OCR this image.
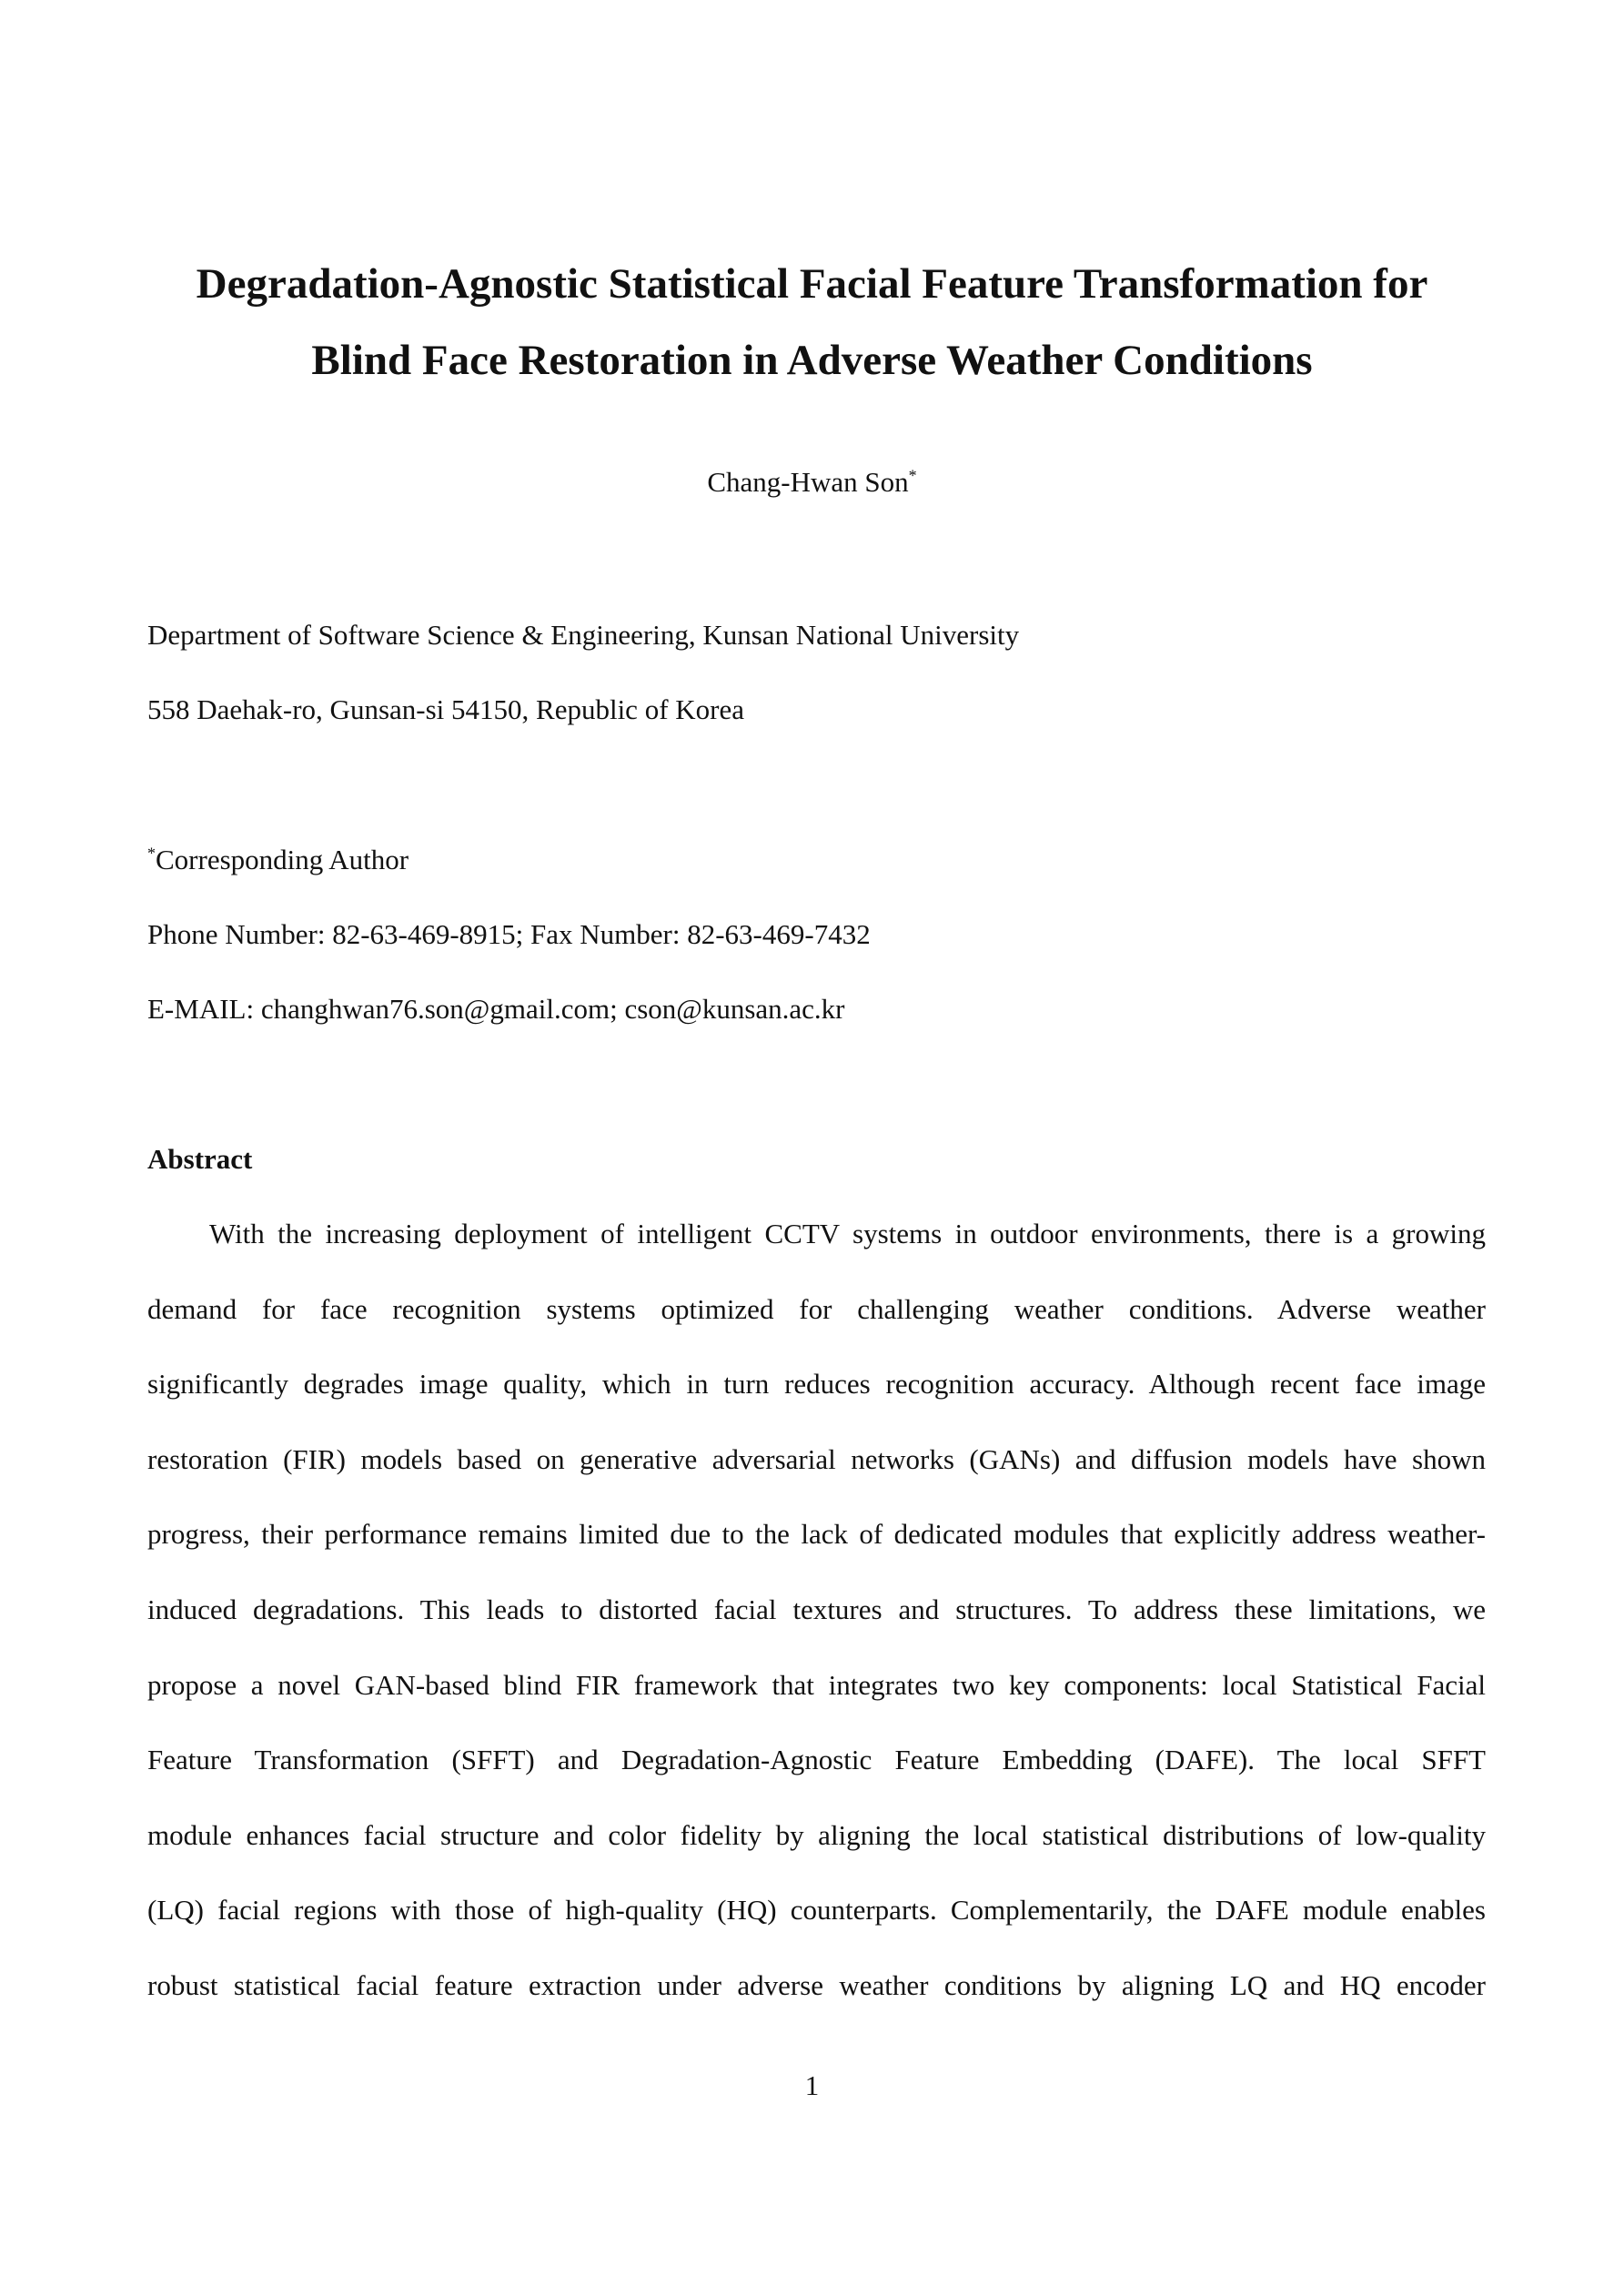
Degradation-Agnostic Statistical Facial Feature Transformation for
Blind Face Restoration in Adverse Weather Conditions
Chang-Hwan Son*
Department of Software Science & Engineering, Kunsan National University
558 Daehak-ro, Gunsan-si 54150, Republic of Korea
*Corresponding Author
Phone Number: 82-63-469-8915; Fax Number: 82-63-469-7432
E-MAIL: changhwan76.son@gmail.com; cson@kunsan.ac.kr
Abstract
With the increasing deployment of intelligent CCTV systems in outdoor environments, there is a growing
demand for face recognition systems optimized for challenging weather conditions. Adverse weather
significantly degrades image quality, which in turn reduces recognition accuracy. Although recent face image
restoration (FIR) models based on generative adversarial networks (GANs) and diffusion models have shown
progress, their performance remains limited due to the lack of dedicated modules that explicitly address weather-
induced degradations. This leads to distorted facial textures and structures. To address these limitations, we
propose a novel GAN-based blind FIR framework that integrates two key components: local Statistical Facial
Feature Transformation (SFFT) and Degradation-Agnostic Feature Embedding (DAFE). The local SFFT
module enhances facial structure and color fidelity by aligning the local statistical distributions of low-quality
(LQ) facial regions with those of high-quality (HQ) counterparts. Complementarily, the DAFE module enables
robust statistical facial feature extraction under adverse weather conditions by aligning LQ and HQ encoder
1
